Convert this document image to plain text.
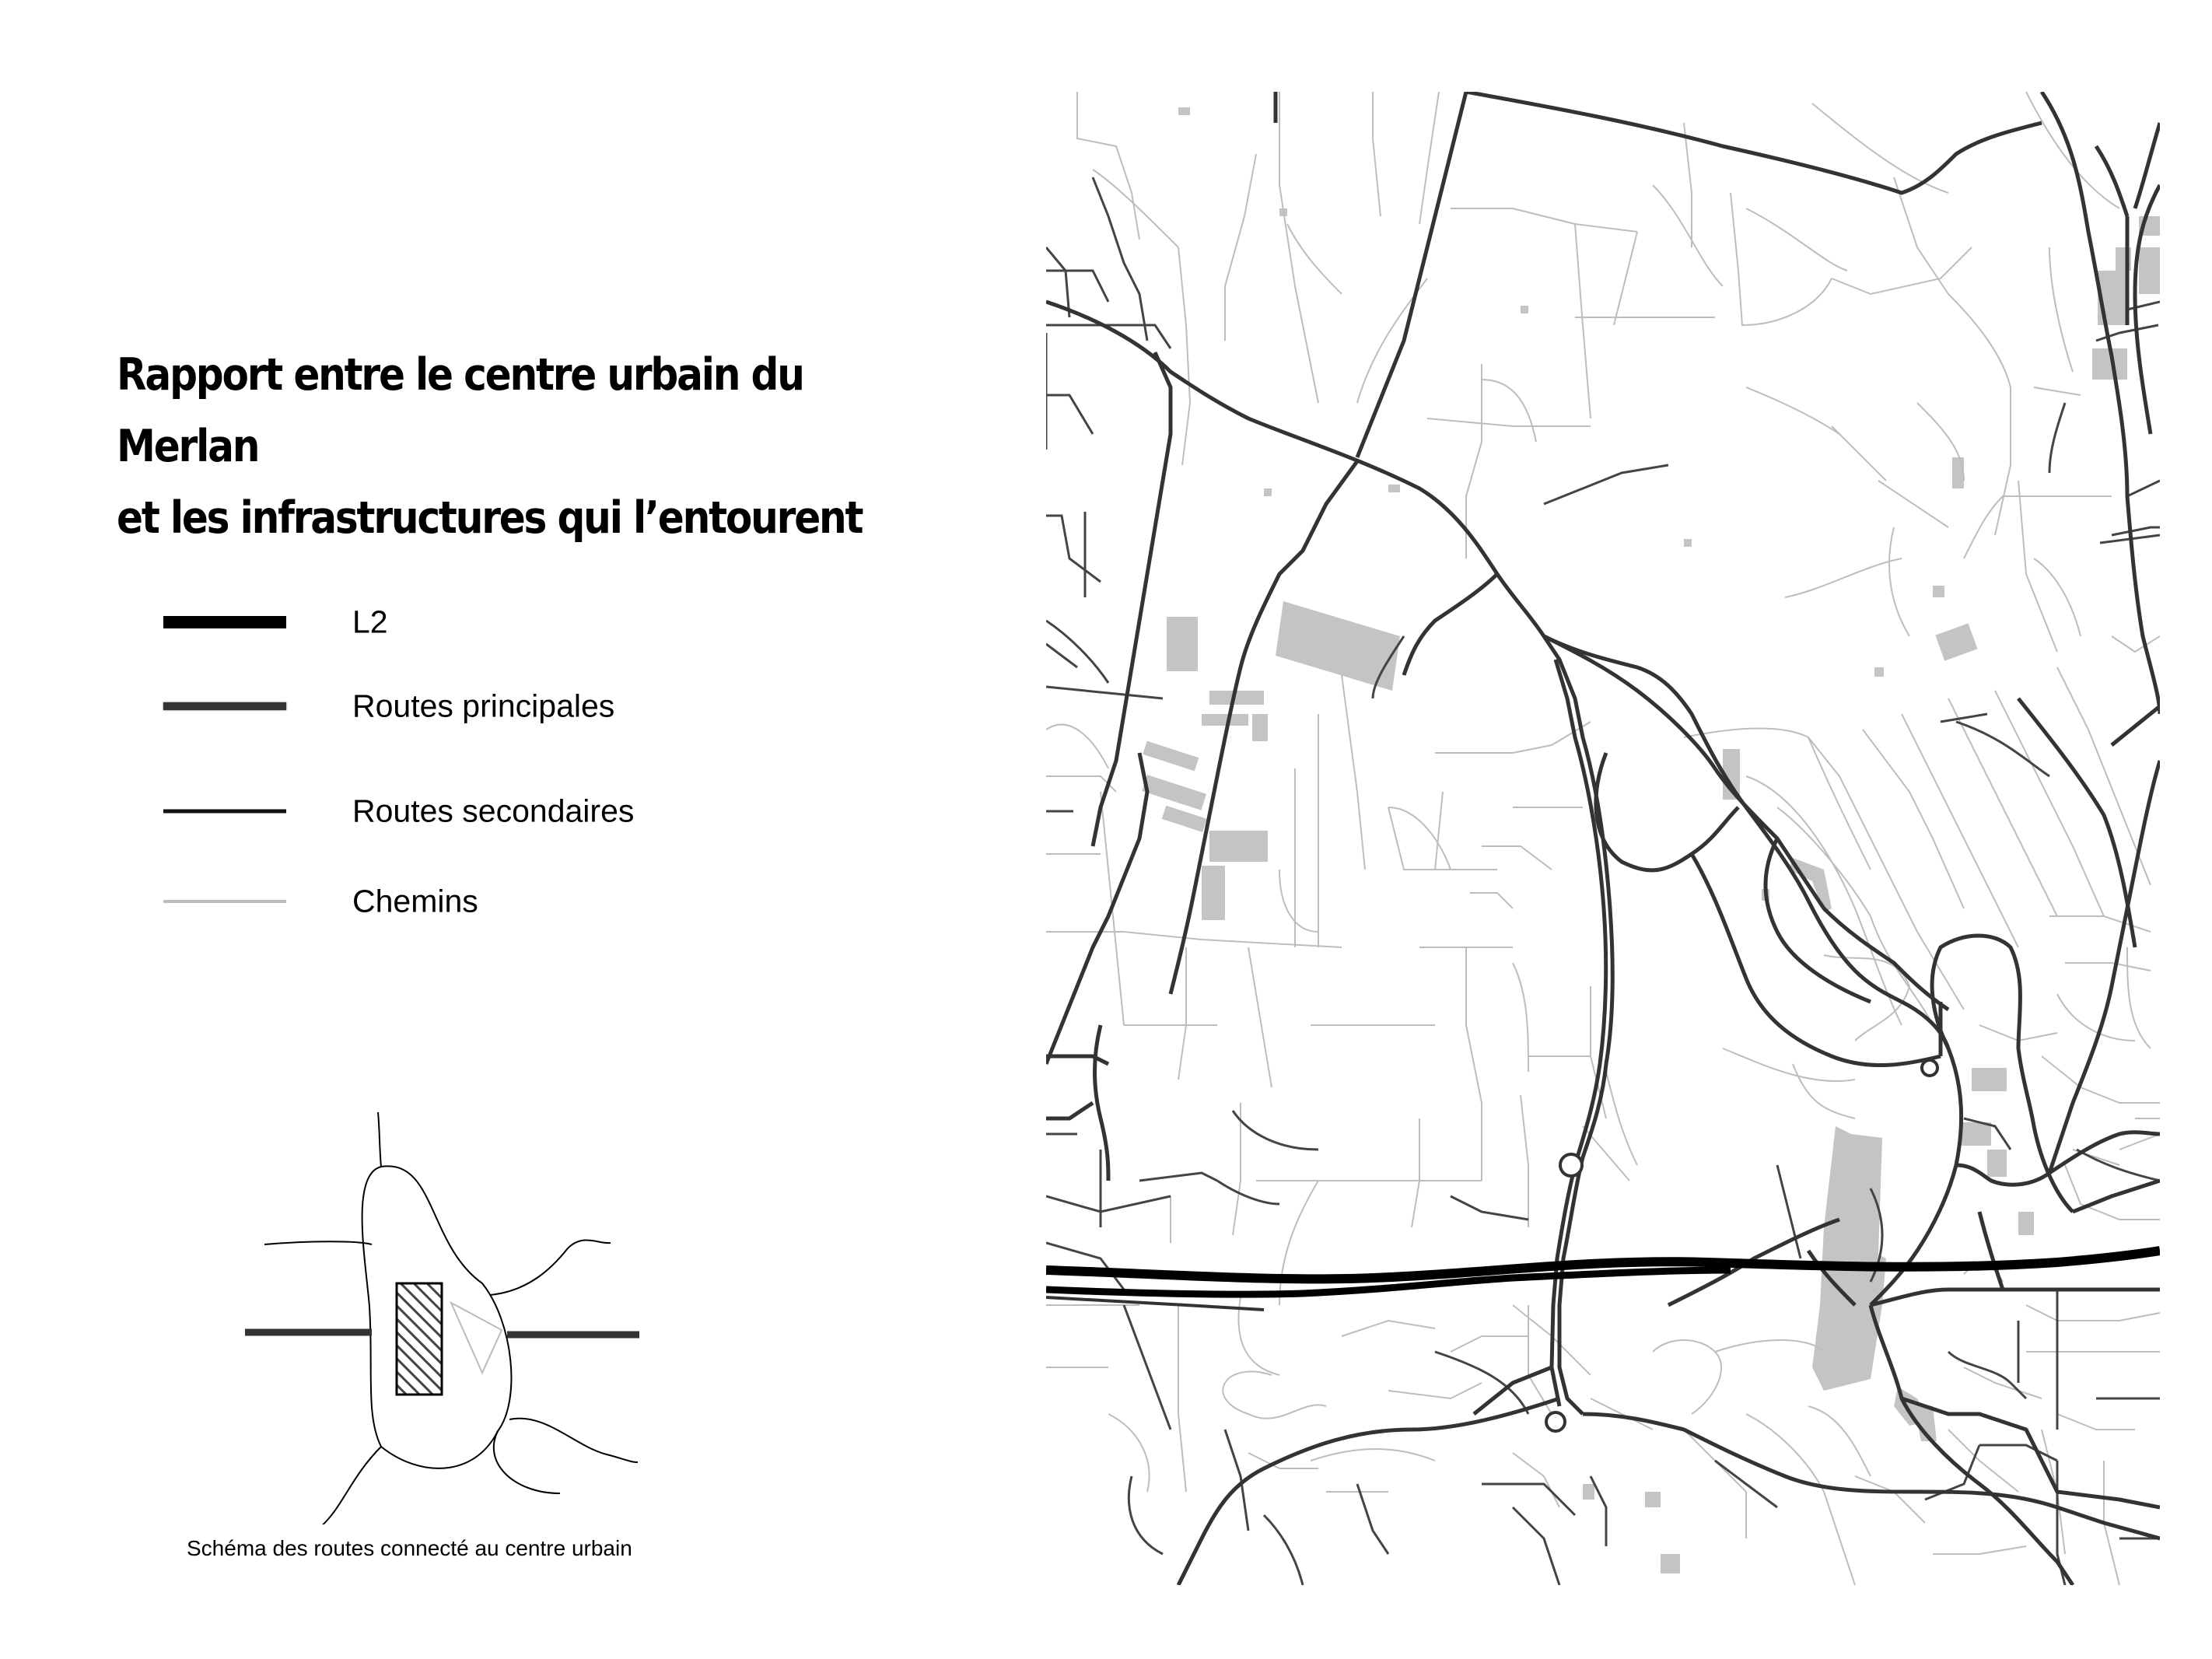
Rapport entre le centre urbain du Merlan
et les infrastructures qui l’entourent
L2
Routes principales
Routes secondaires
Chemins
Schéma des routes connecté au centre urbain
